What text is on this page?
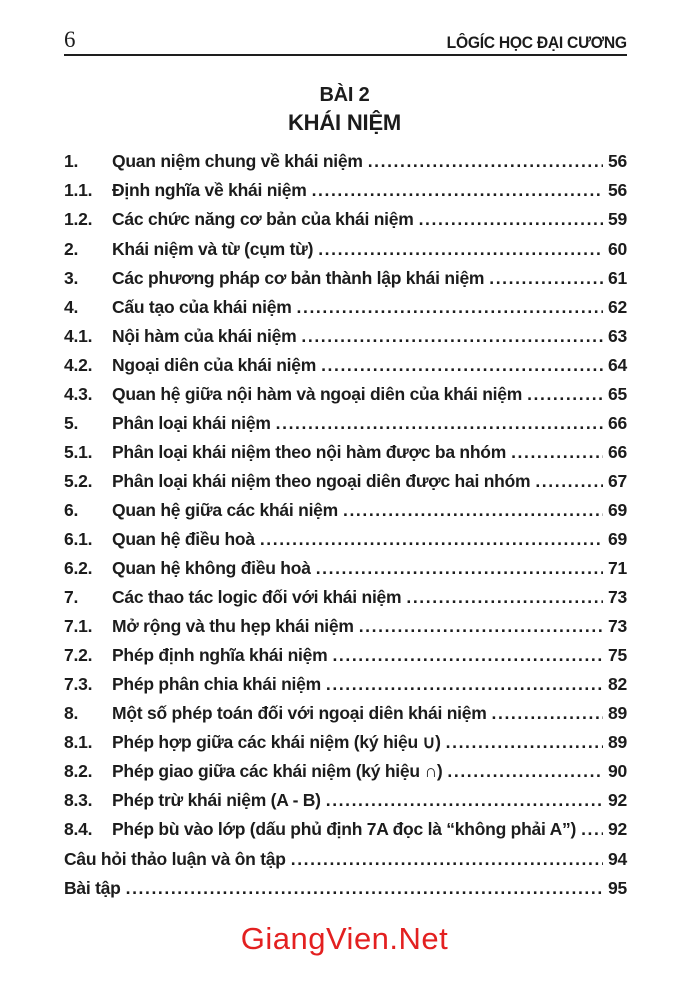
6	LÔGÍC HỌC ĐẠI CƯƠNG
BÀI 2
KHÁI NIỆM
1.	Quan niệm chung về khái niệm .....	56
1.1.	Định nghĩa về khái niệm .....	56
1.2.	Các chức năng cơ bản của khái niệm .....	59
2.	Khái niệm và từ (cụm từ) .....	60
3.	Các phương pháp cơ bản thành lập khái niệm .....	61
4.	Cấu tạo của khái niệm .....	62
4.1.	Nội hàm của khái niệm .....	63
4.2.	Ngoại diên của khái niệm .....	64
4.3.	Quan hệ giữa nội hàm và ngoại diên của khái niệm .....	65
5.	Phân loại khái niệm .....	66
5.1.	Phân loại khái niệm theo nội hàm được ba nhóm .....	66
5.2.	Phân loại khái niệm theo ngoại diên được hai nhóm .....	67
6.	Quan hệ giữa các khái niệm .....	69
6.1.	Quan hệ điều hoà .....	69
6.2.	Quan hệ không điều hoà .....	71
7.	Các thao tác logic đối với khái niệm .....	73
7.1.	Mở rộng và thu hẹp khái niệm .....	73
7.2.	Phép định nghĩa khái niệm .....	75
7.3.	Phép phân chia khái niệm .....	82
8.	Một số phép toán đối với ngoại diên khái niệm .....	89
8.1.	Phép hợp giữa các khái niệm (ký hiệu ∪) .....	89
8.2.	Phép giao giữa các khái niệm (ký hiệu ∩) .....	90
8.3.	Phép trừ khái niệm (A - B) .....	92
8.4.	Phép bù vào lớp (dấu phủ định 7A đọc là “không phải A”) ..... 92
Câu hỏi thảo luận và ôn tập .....	94
Bài tập .....	95
GiangVien.Net
